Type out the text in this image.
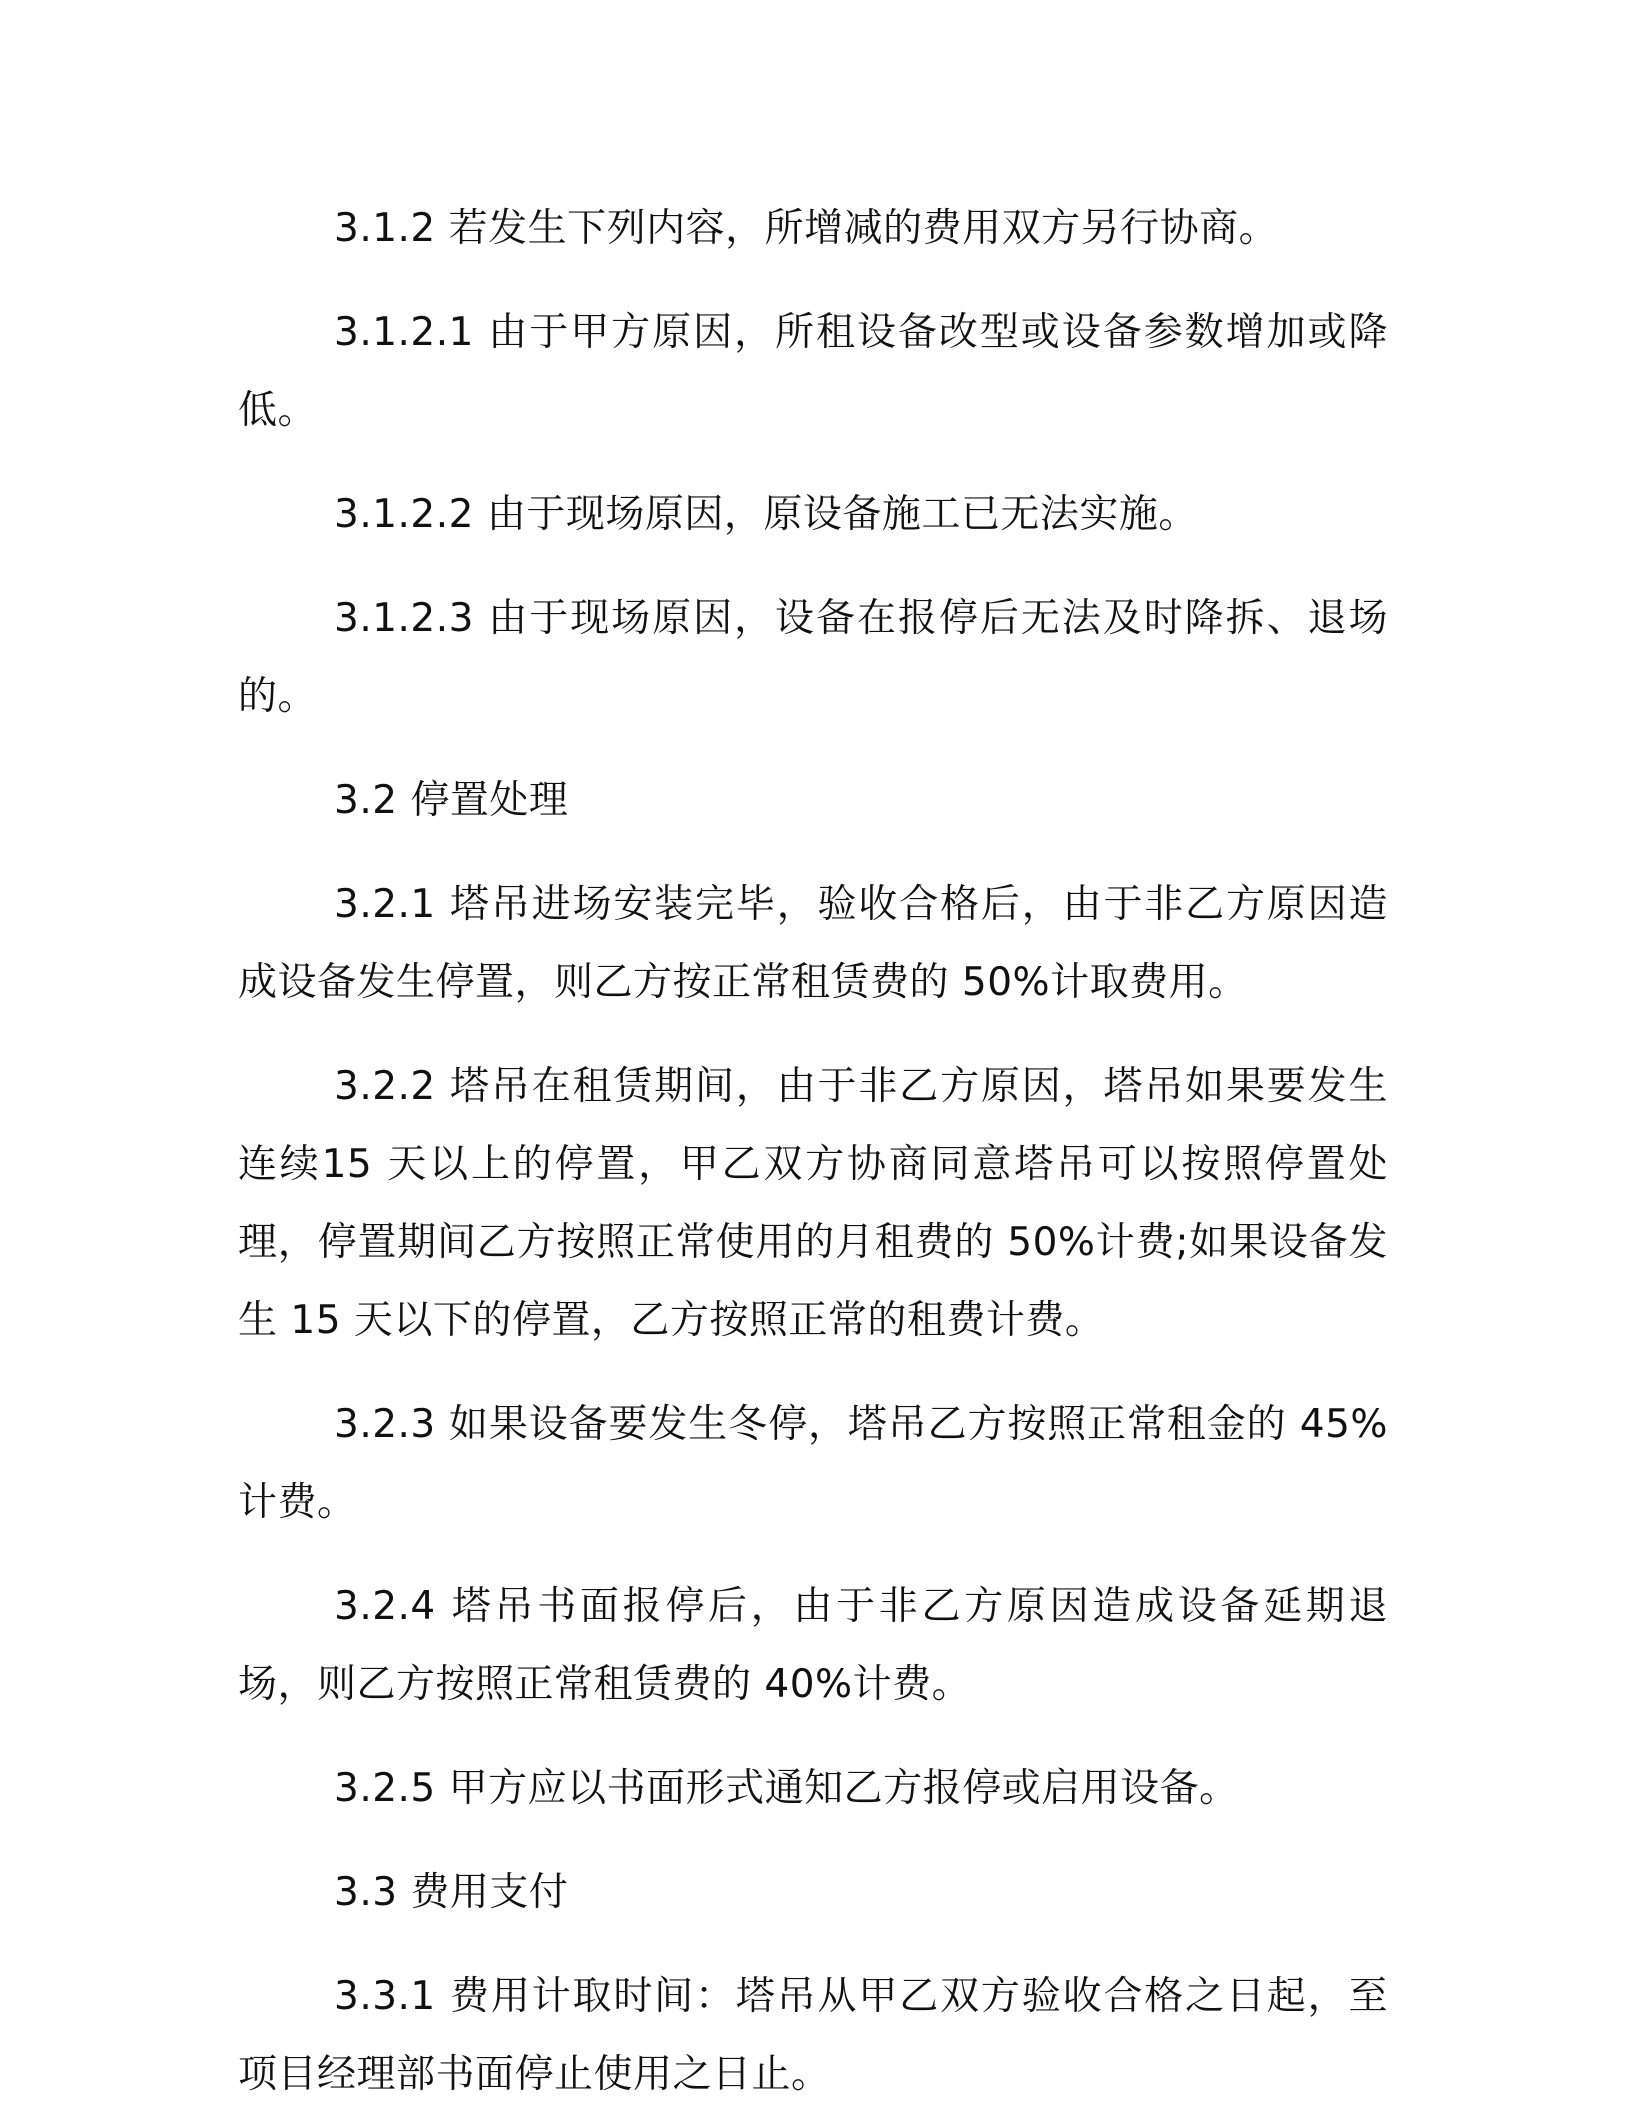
3.1.2 若发生下列内容，所增减的费用双方另行协商。

3.1.2.1 由于甲方原因，所租设备改型或设备参数增加或降低。

3.1.2.2 由于现场原因，原设备施工已无法实施。

3.1.2.3 由于现场原因，设备在报停后无法及时降拆、退场的。

3.2 停置处理

3.2.1 塔吊进场安装完毕，验收合格后，由于非乙方原因造成设备发生停置，则乙方按正常租赁费的 50%计取费用。

3.2.2 塔吊在租赁期间，由于非乙方原因，塔吊如果要发生连续15 天以上的停置，甲乙双方协商同意塔吊可以按照停置处理，停置期间乙方按照正常使用的月租费的 50%计费;如果设备发生 15 天以下的停置，乙方按照正常的租费计费。

3.2.3 如果设备要发生冬停，塔吊乙方按照正常租金的 45%计费。

3.2.4 塔吊书面报停后，由于非乙方原因造成设备延期退场，则乙方按照正常租赁费的 40%计费。

3.2.5 甲方应以书面形式通知乙方报停或启用设备。

3.3 费用支付

3.3.1 费用计取时间：塔吊从甲乙双方验收合格之日起，至项目经理部书面停止使用之日止。
